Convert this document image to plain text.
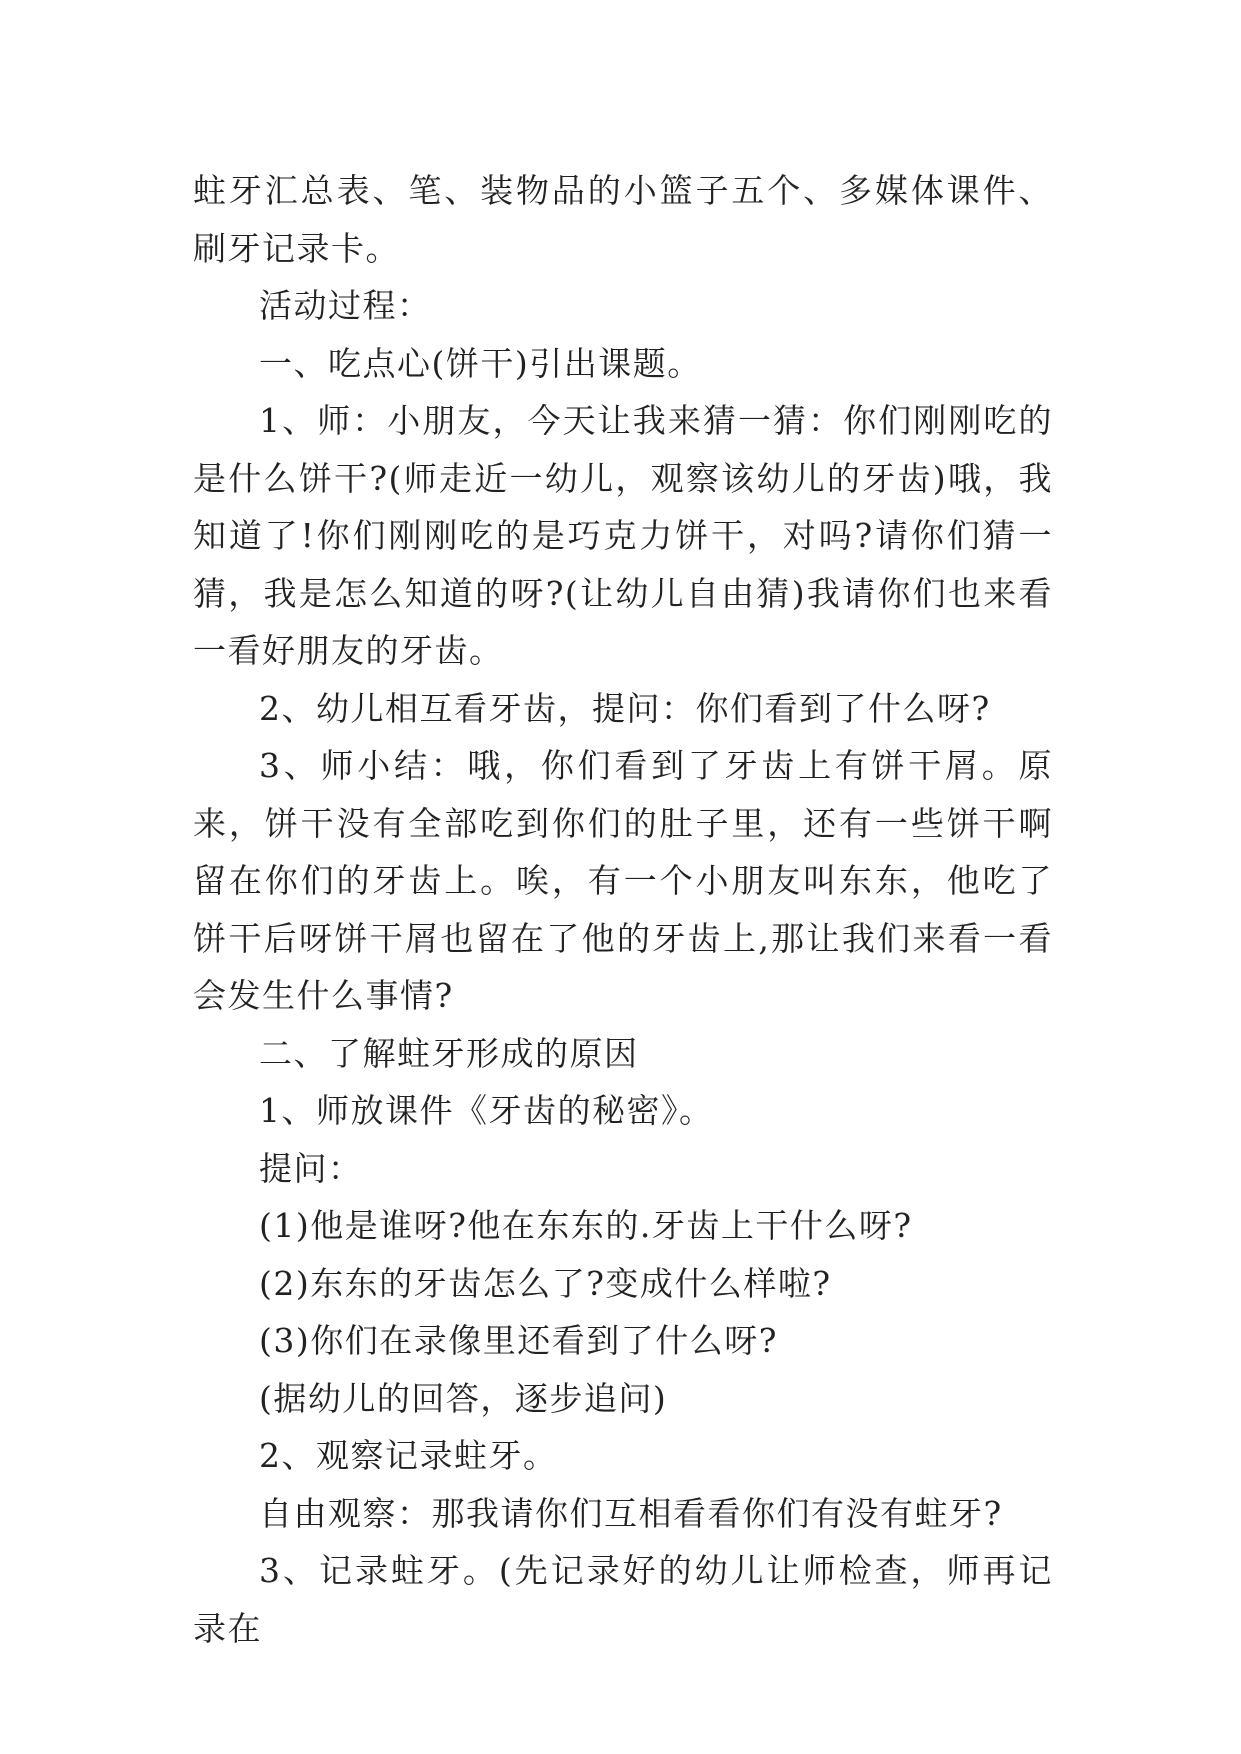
蛀牙汇总表、笔、装物品的小篮子五个、多媒体课件、刷牙记录卡。

活动过程：

一、吃点心(饼干)引出课题。

1、师：小朋友，今天让我来猜一猜：你们刚刚吃的是什么饼干?(师走近一幼儿，观察该幼儿的牙齿)哦，我知道了!你们刚刚吃的是巧克力饼干，对吗?请你们猜一猜，我是怎么知道的呀?(让幼儿自由猜)我请你们也来看一看好朋友的牙齿。

2、幼儿相互看牙齿，提问：你们看到了什么呀?

3、师小结：哦，你们看到了牙齿上有饼干屑。原来，饼干没有全部吃到你们的肚子里，还有一些饼干啊留在你们的牙齿上。唉，有一个小朋友叫东东，他吃了饼干后呀饼干屑也留在了他的牙齿上,那让我们来看一看会发生什么事情?

二、了解蛀牙形成的原因

1、师放课件《牙齿的秘密》。

提问：

(1)他是谁呀?他在东东的.牙齿上干什么呀?

(2)东东的牙齿怎么了?变成什么样啦?

(3)你们在录像里还看到了什么呀?

(据幼儿的回答，逐步追问)

2、观察记录蛀牙。

自由观察：那我请你们互相看看你们有没有蛀牙?

3、记录蛀牙。(先记录好的幼儿让师检查，师再记录在
